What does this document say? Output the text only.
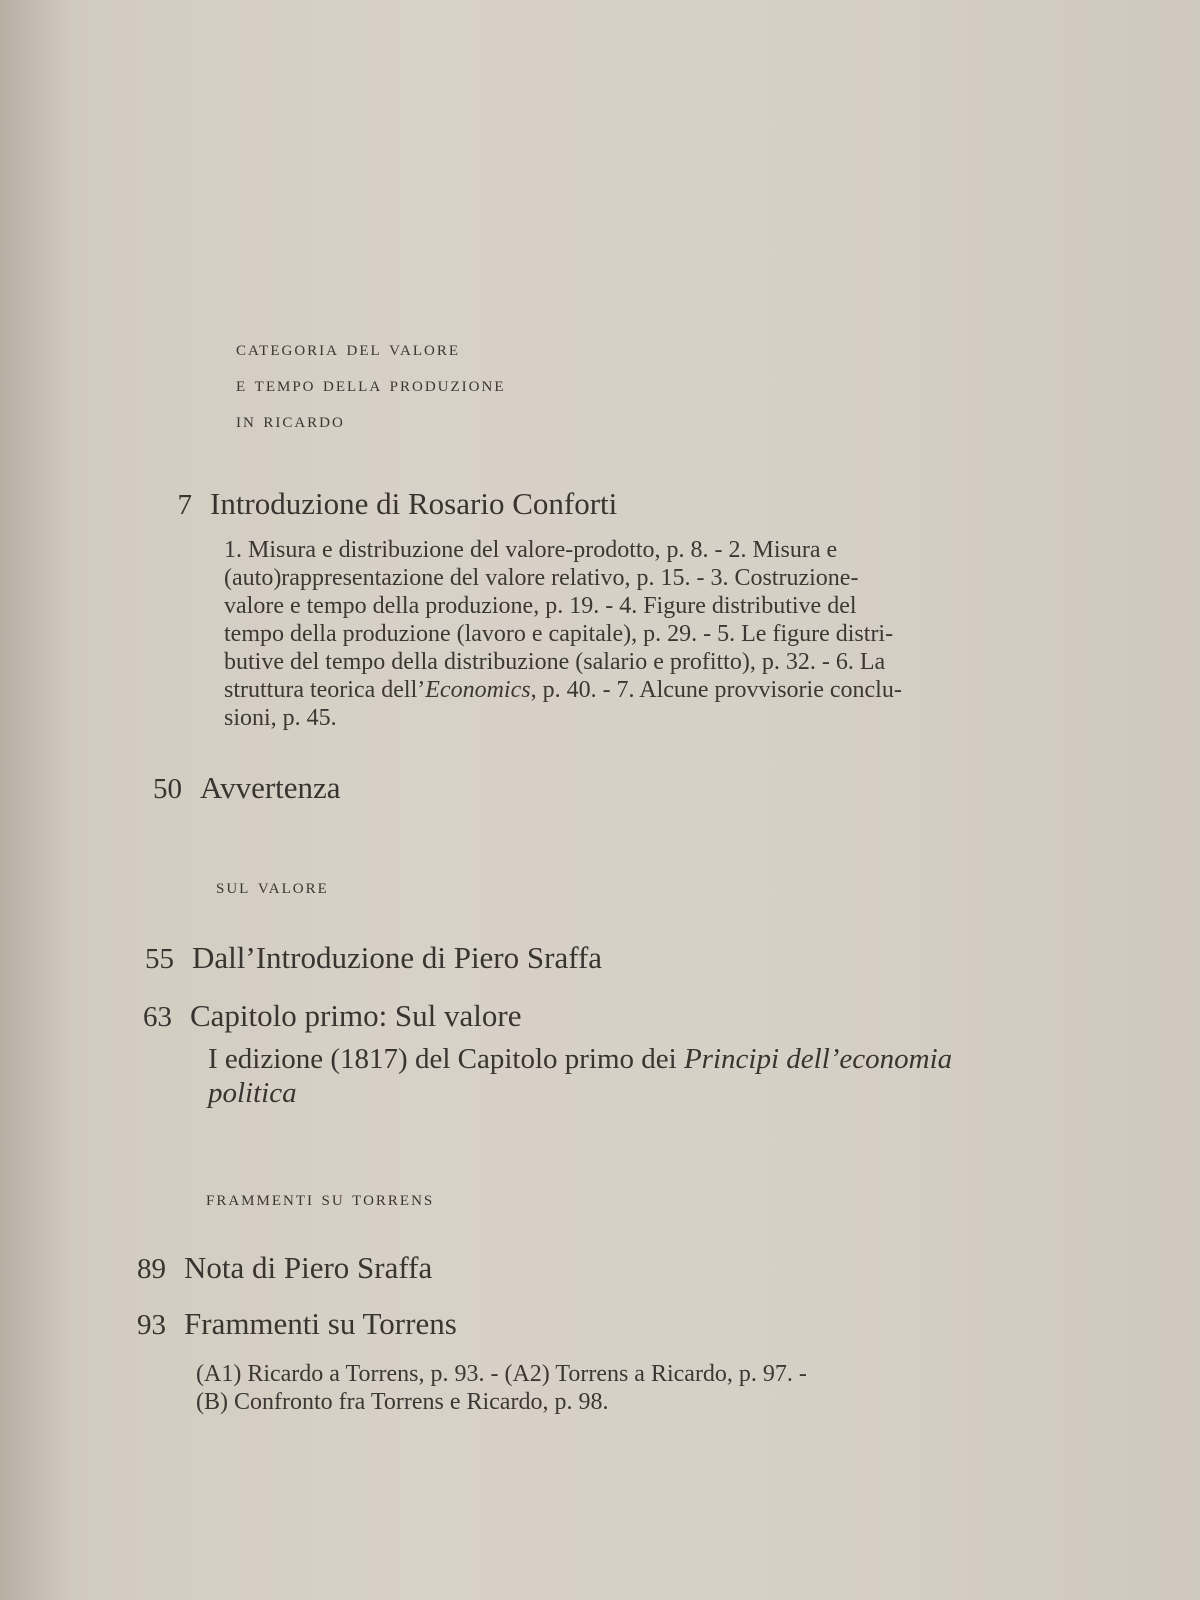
categoria del valore
e tempo della produzione
in ricardo
7 Introduzione di Rosario Conforti
1. Misura e distribuzione del valore-prodotto, p. 8. - 2. Misura e
(auto)rappresentazione del valore relativo, p. 15. - 3. Costruzione-
valore e tempo della produzione, p. 19. - 4. Figure distributive del
tempo della produzione (lavoro e capitale), p. 29. - 5. Le figure distri-
butive del tempo della distribuzione (salario e profitto), p. 32. - 6. La
struttura teorica dell’Economics, p. 40. - 7. Alcune provvisorie conclu-
sioni, p. 45.
50 Avvertenza
sul valore
55 Dall’Introduzione di Piero Sraffa
63 Capitolo primo: Sul valore
I edizione (1817) del Capitolo primo dei Principi dell’economia
politica
frammenti su torrens
89 Nota di Piero Sraffa
93 Frammenti su Torrens
(A1) Ricardo a Torrens, p. 93. - (A2) Torrens a Ricardo, p. 97. -
(B) Confronto fra Torrens e Ricardo, p. 98.
